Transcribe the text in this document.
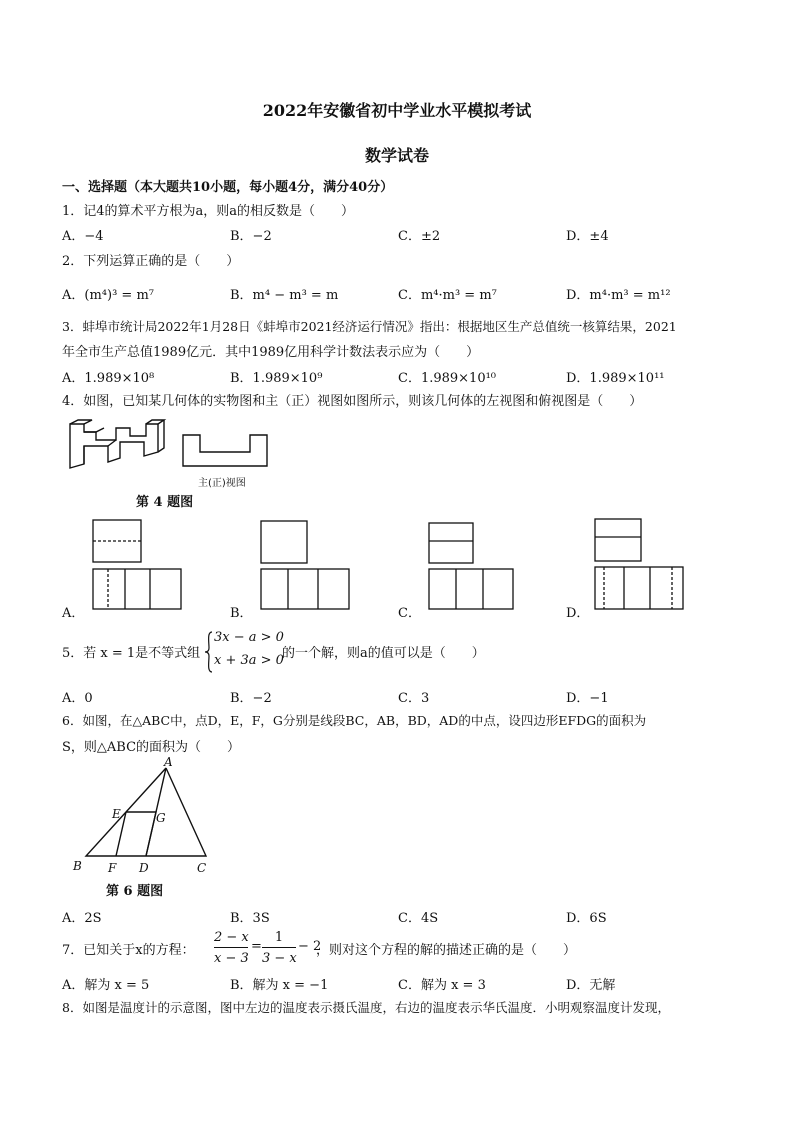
2022年安徽省初中学业水平模拟考试
数学试卷
一、选择题（本大题共10小题，每小题4分，满分40分）
1．记4的算术平方根为a，则a的相反数是（　　）
A．−4	B．−2	C．±2	D．±4
2．下列运算正确的是（　　）
A．(m⁴)³ = m⁷	B．m⁴ − m³ = m	C．m⁴·m³ = m⁷	D．m⁴·m³ = m¹²
3．蚌埠市统计局2022年1月28日《蚌埠市2021经济运行情况》指出：根据地区生产总值统一核算结果，2021
年全市生产总值1989亿元．其中1989亿用科学计数法表示应为（　　）
A．1.989×10⁸	B．1.989×10⁹	C．1.989×10¹⁰	D．1.989×10¹¹
4．如图，已知某几何体的实物图和主（正）视图如图所示，则该几何体的左视图和俯视图是（　　）
主(正)视图
第 4 题图
A．	B．	C．	D．
5．若 x = 1是不等式组
3x − a > 0
x + 3a > 0
的一个解，则a的值可以是（　　）
A．0	B．−2	C．3	D．−1
6．如图，在△ABC中，点D，E，F，G分别是线段BC，AB，BD，AD的中点，设四边形EFDG的面积为
S，则△ABC的面积为（　　）
A
B	C
D
E
F
G
第 6 题图
A．2S	B．3S	C．4S	D．6S
7．已知关于x的方程：
2 − x
x − 3
=
1
3 − x
− 2
，则对这个方程的解的描述正确的是（　　）
A．解为 x = 5	B．解为 x = −1	C．解为 x = 3	D．无解
8．如图是温度计的示意图，图中左边的温度表示摄氏温度，右边的温度表示华氏温度．小明观察温度计发现，
